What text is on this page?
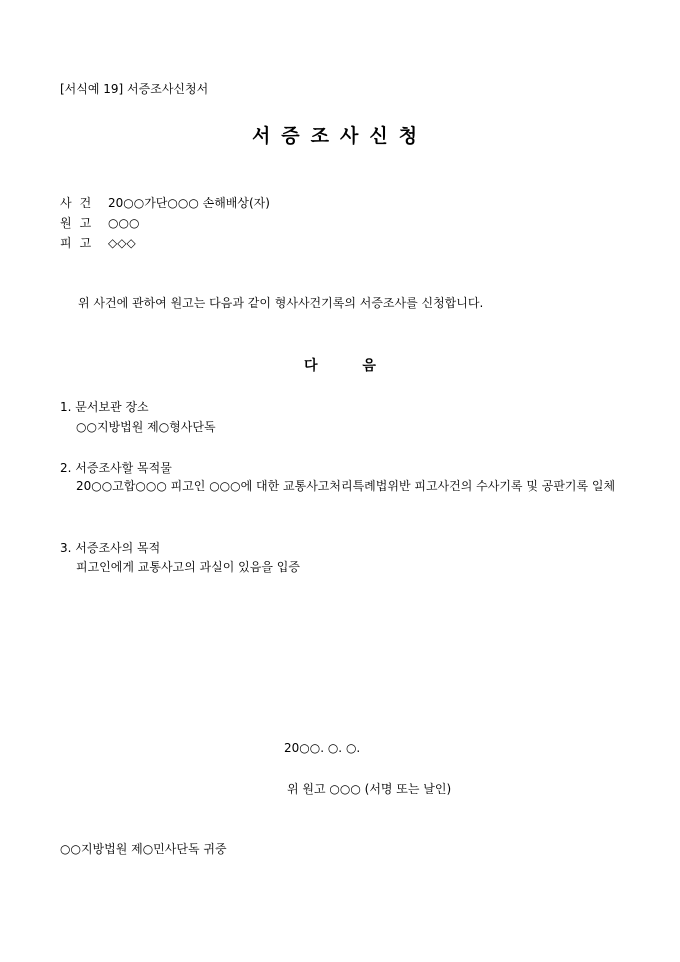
[서식예 19] 서증조사신청서
서증조사신청
사건 20○○가단○○○ 손해배상(자)
원고 ○○○
피고 ◇◇◇
위 사건에 관하여 원고는 다음과 같이 형사사건기록의 서증조사를 신청합니다.
다 음
1. 문서보관 장소
○○지방법원 제○형사단독
2. 서증조사할 목적물
20○○고합○○○ 피고인 ○○○에 대한 교통사고처리특례법위반 피고사건의 수사기록 및 공판기록 일체
3. 서증조사의 목적
피고인에게 교통사고의 과실이 있음을 입증
20○○. ○. ○.
위 원고 ○○○ (서명 또는 날인)
○○지방법원 제○민사단독 귀중
